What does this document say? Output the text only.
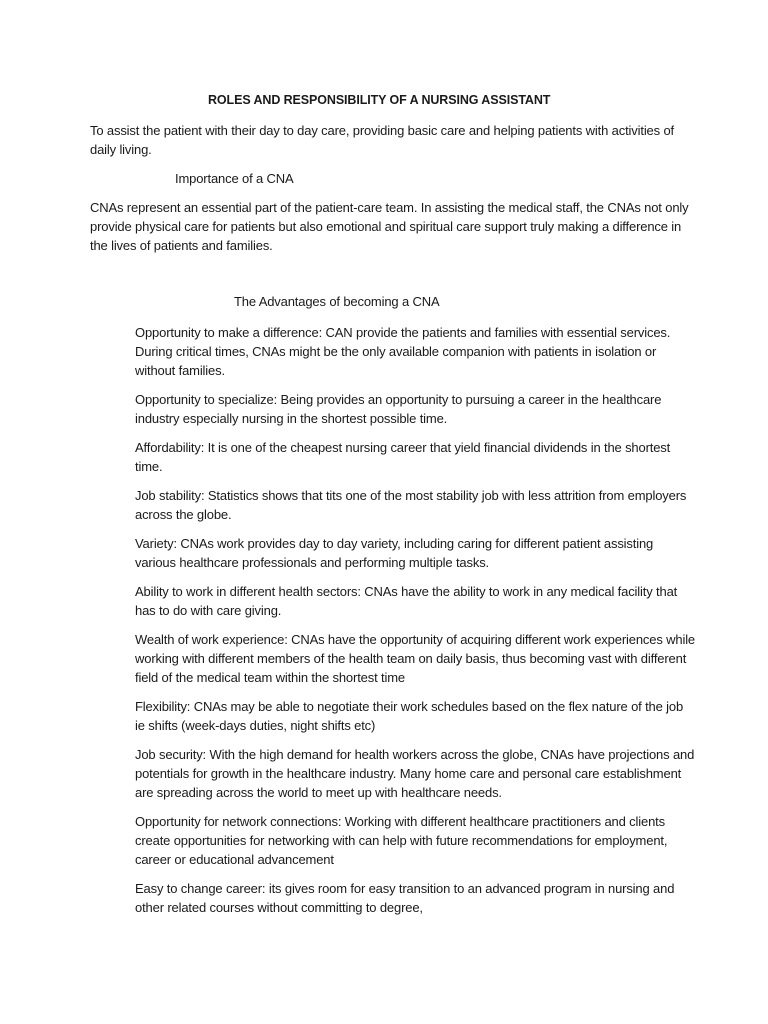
ROLES AND RESPONSIBILITY OF A NURSING ASSISTANT

To assist the patient with their day to day care, providing basic care and helping patients with activities of daily living.

Importance of a CNA

CNAs represent an essential part of the patient-care team. In assisting the medical staff, the CNAs not only provide physical care for patients but also emotional and spiritual care support truly making a difference in the lives of patients and families.

The Advantages of becoming a CNA
Opportunity to make a difference: CAN provide the patients and families with essential services. During critical times, CNAs might be the only available companion with patients in isolation or without families.
Opportunity to specialize: Being provides an opportunity to pursuing a career in the healthcare industry especially nursing in the shortest possible time.
Affordability: It is one of the cheapest nursing career that yield financial dividends in the shortest time.
Job stability: Statistics shows that tits one of the most stability job with less attrition from employers across the globe.
Variety: CNAs work provides day to day variety, including caring for different patient assisting various healthcare professionals and performing multiple tasks.
Ability to work in different health sectors: CNAs have the ability to work in any medical facility that has to do with care giving.
Wealth of work experience: CNAs have the opportunity of acquiring different work experiences while working with different members of the health team on daily basis, thus becoming vast with different field of the medical team within the shortest time
Flexibility: CNAs may be able to negotiate their work schedules based on the flex nature of the job ie shifts (week-days duties, night shifts etc)
Job security: With the high demand for health workers across the globe, CNAs have projections and potentials for growth in the healthcare industry. Many home care and personal care establishment are spreading across the world to meet up with healthcare needs.
Opportunity for network connections: Working with different healthcare practitioners and clients create opportunities for networking with can help with future recommendations for employment, career or educational advancement
Easy to change career: its gives room for easy transition to an advanced program in nursing and other related courses without committing to degree,
